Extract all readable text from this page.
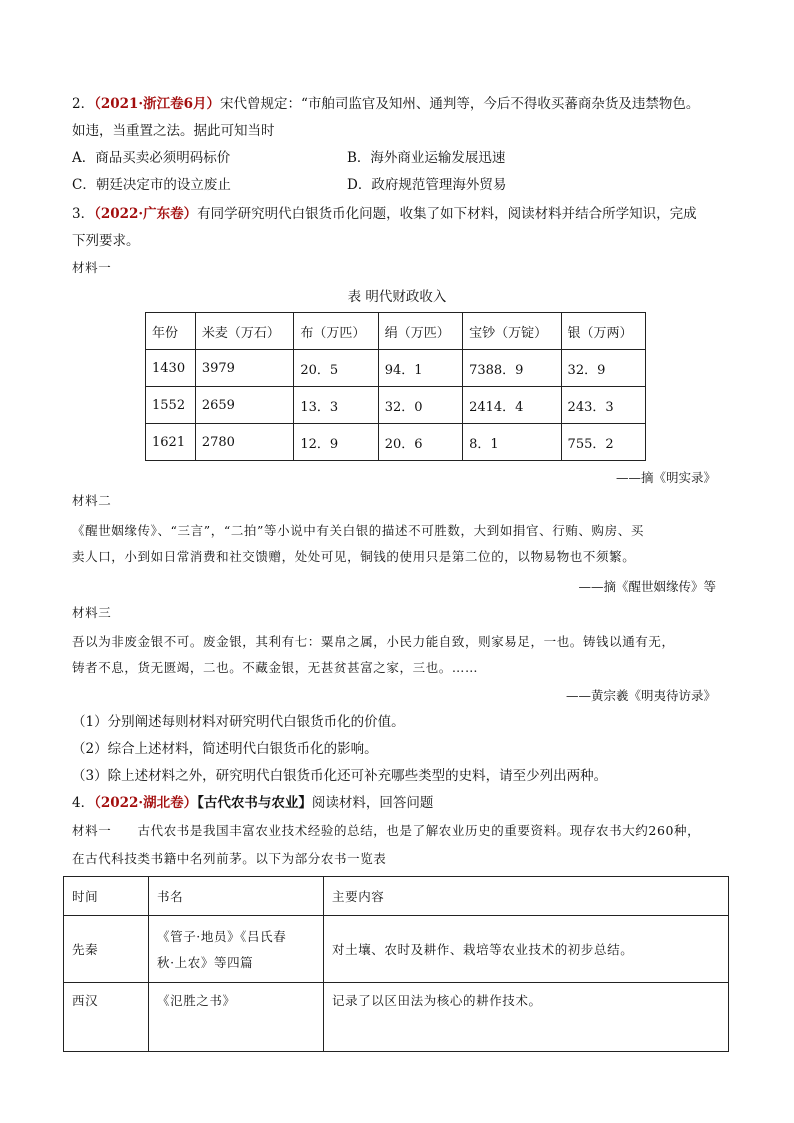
2．（2021·浙江卷6月）宋代曾规定：“市舶司监官及知州、通判等，今后不得收买蕃商杂货及违禁物色。
如违，当重置之法。据此可知当时
A．商品买卖必须明码标价	B．海外商业运输发展迅速
C．朝廷决定市的设立废止	D．政府规范管理海外贸易
3．（2022·广东卷）有同学研究明代白银货币化问题，收集了如下材料，阅读材料并结合所学知识，完成
下列要求。
材料一
表 明代财政收入
年份	米麦（万石）	布（万匹）	绢（万匹）	宝钞（万锭）	银（万两）
1430	3979	20．5	94．1	7388．9	32．9
1552	2659	13．3	32．0	2414．4	243．3
1621	2780	12．9	20．6	8．1	755．2
——摘《明实录》
材料二
《醒世姻缘传》、“三言”，“二拍”等小说中有关白银的描述不可胜数，大到如捐官、行贿、购房、买
卖人口，小到如日常消费和社交馈赠，处处可见，铜钱的使用只是第二位的，以物易物也不须繁。
——摘《醒世姻缘传》等
材料三
吾以为非废金银不可。废金银，其利有七：粟帛之属，小民力能自致，则家易足，一也。铸钱以通有无，
铸者不息，货无匮竭，二也。不藏金银，无甚贫甚富之家，三也。……
——黄宗羲《明夷待访录》
（1）分别阐述每则材料对研究明代白银货币化的价值。
（2）综合上述材料，简述明代白银货币化的影响。
（3）除上述材料之外，研究明代白银货币化还可补充哪些类型的史料，请至少列出两种。
4．（2022·湖北卷）【古代农书与农业】阅读材料，回答问题
材料一　　古代农书是我国丰富农业技术经验的总结，也是了解农业历史的重要资料。现存农书大约260种，
在古代科技类书籍中名列前茅。以下为部分农书一览表
时间	书名	主要内容
先秦	《管子·地员》《吕氏春
秋·上农》等四篇	对土壤、农时及耕作、栽培等农业技术的初步总结。
西汉	《氾胜之书》	记录了以区田法为核心的耕作技术。
